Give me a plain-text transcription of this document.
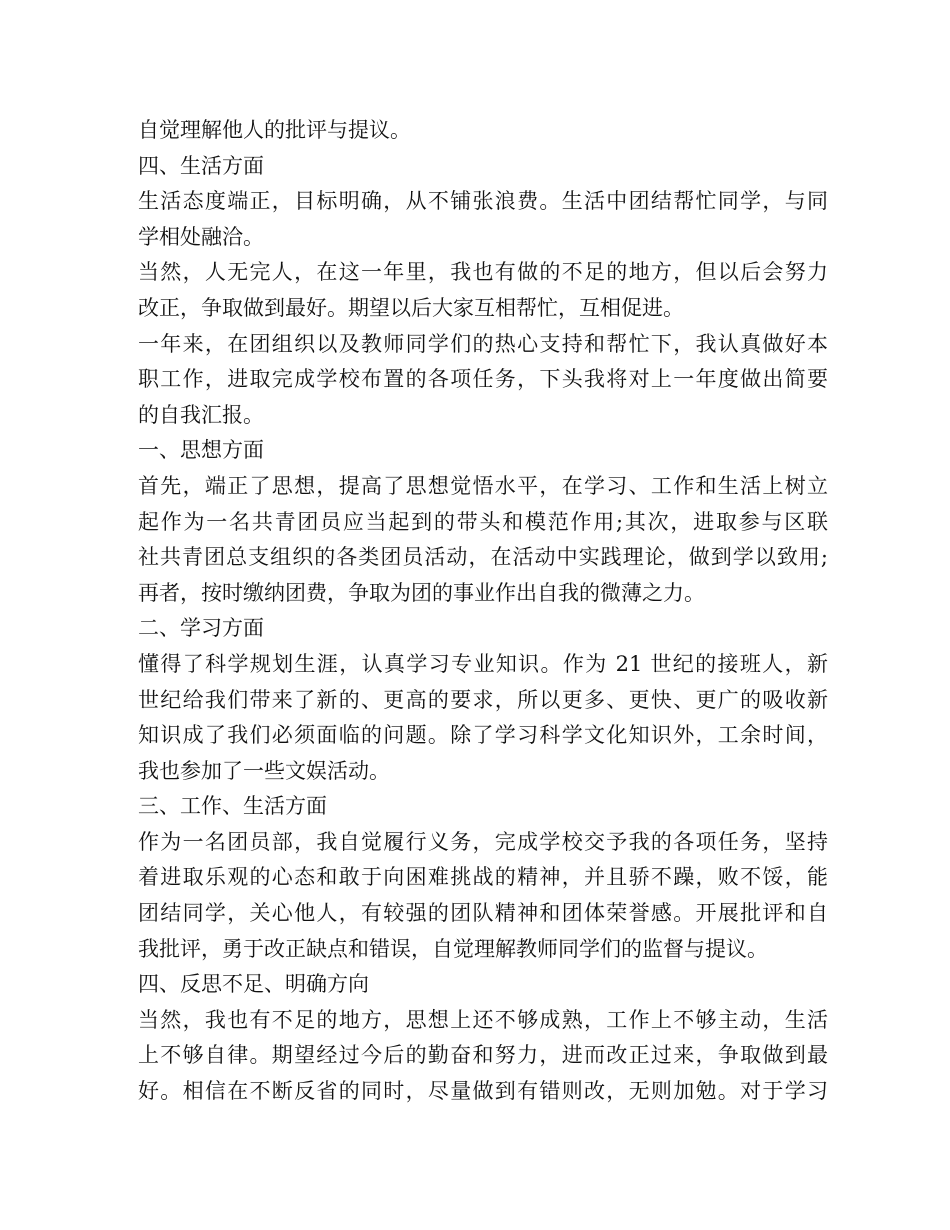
自觉理解他人的批评与提议。
四、生活方面
生活态度端正，目标明确，从不铺张浪费。生活中团结帮忙同学，与同
学相处融洽。
当然，人无完人，在这一年里，我也有做的不足的地方，但以后会努力
改正，争取做到最好。期望以后大家互相帮忙，互相促进。
一年来，在团组织以及教师同学们的热心支持和帮忙下，我认真做好本
职工作，进取完成学校布置的各项任务，下头我将对上一年度做出简要
的自我汇报。
一、思想方面
首先，端正了思想，提高了思想觉悟水平，在学习、工作和生活上树立
起作为一名共青团员应当起到的带头和模范作用;其次，进取参与区联
社共青团总支组织的各类团员活动，在活动中实践理论，做到学以致用;
再者，按时缴纳团费，争取为团的事业作出自我的微薄之力。
二、学习方面
懂得了科学规划生涯，认真学习专业知识。作为 21 世纪的接班人，新
世纪给我们带来了新的、更高的要求，所以更多、更快、更广的吸收新
知识成了我们必须面临的问题。除了学习科学文化知识外，工余时间，
我也参加了一些文娱活动。
三、工作、生活方面
作为一名团员部，我自觉履行义务，完成学校交予我的各项任务，坚持
着进取乐观的心态和敢于向困难挑战的精神，并且骄不躁，败不馁，能
团结同学，关心他人，有较强的团队精神和团体荣誉感。开展批评和自
我批评，勇于改正缺点和错误，自觉理解教师同学们的监督与提议。
四、反思不足、明确方向
当然，我也有不足的地方，思想上还不够成熟，工作上不够主动，生活
上不够自律。期望经过今后的勤奋和努力，进而改正过来，争取做到最
好。相信在不断反省的同时，尽量做到有错则改，无则加勉。对于学习
